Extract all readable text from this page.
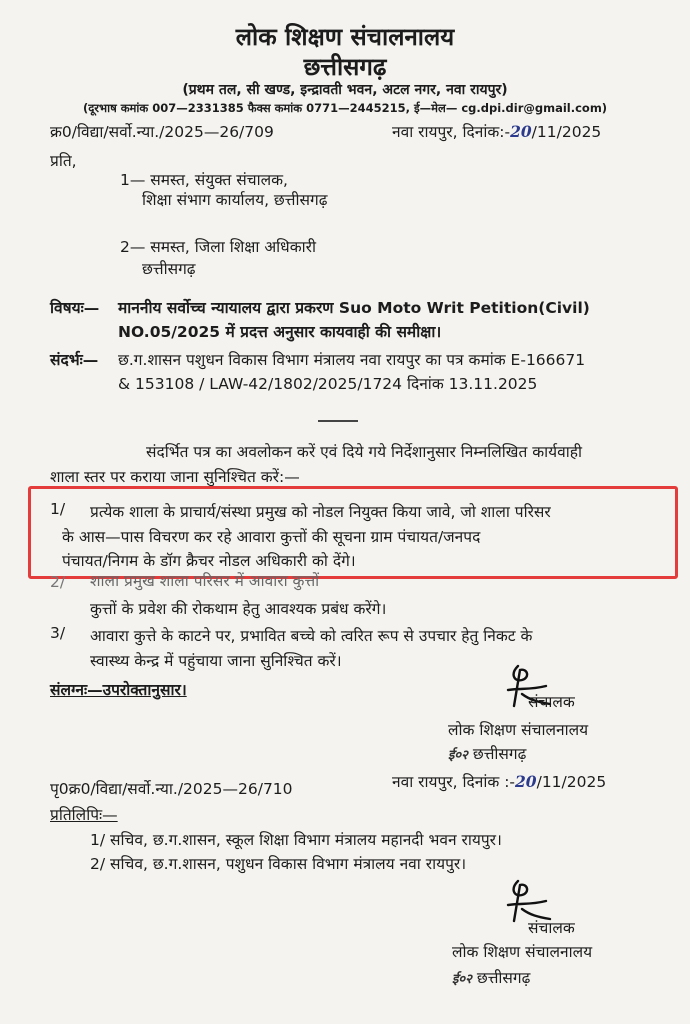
लोक शिक्षण संचालनालय
छत्तीसगढ़
(प्रथम तल, सी खण्ड, इन्द्रावती भवन, अटल नगर, नवा रायपुर)
(दूरभाष कमांक 007—2331385 फैक्स कमांक 0771—2445215, ई—मेल— cg.dpi.dir@gmail.com)
क्र0/विद्या/सर्वो.न्या./2025—26/709	नवा रायपुर, दिनांक:-20/11/2025
प्रति,
1— समस्त, संयुक्त संचालक,
शिक्षा संभाग कार्यालय, छत्तीसगढ़
2— समस्त, जिला शिक्षा अधिकारी
छत्तीसगढ़
विषयः— माननीय सर्वोच्च न्यायालय द्वारा प्रकरण Suo Moto Writ Petition(Civil)
NO.05/2025 में प्रदत्त अनुसार कायवाही की समीक्षा।
संदर्भः— छ.ग.शासन पशुधन विकास विभाग मंत्रालय नवा रायपुर का पत्र कमांक E-166671
& 153108 / LAW-42/1802/2025/1724 दिनांक 13.11.2025
संदर्भित पत्र का अवलोकन करें एवं दिये गये निर्देशानुसार निम्नलिखित कार्यवाही
शाला स्तर पर कराया जाना सुनिश्चित करें:—
1/ प्रत्येक शाला के प्राचार्य/संस्था प्रमुख को नोडल नियुक्त किया जावे, जो शाला परिसर
के आस—पास विचरण कर रहे आवारा कुत्तों की सूचना ग्राम पंचायत/जनपद
पंचायत/निगम के डॉग क्रैचर नोडल अधिकारी को देंगे।
2/ शाला प्रमुख शाला परिसर में आवारा कुत्तों
कुत्तों के प्रवेश की रोकथाम हेतु आवश्यक प्रबंध करेंगे।
3/ आवारा कुत्ते के काटने पर, प्रभावित बच्चे को त्वरित रूप से उपचार हेतु निकट के
स्वास्थ्य केन्द्र में पहुंचाया जाना सुनिश्चित करें।
संलग्नः—उपरोक्तानुसार।
संचालक
लोक शिक्षण संचालनालय
ई०२ छत्तीसगढ़
पृ0क्र0/विद्या/सर्वो.न्या./2025—26/710	नवा रायपुर, दिनांक :-20/11/2025
प्रतिलिपिः—
1/ सचिव, छ.ग.शासन, स्कूल शिक्षा विभाग मंत्रालय महानदी भवन रायपुर।
2/ सचिव, छ.ग.शासन, पशुधन विकास विभाग मंत्रालय नवा रायपुर।
संचालक
लोक शिक्षण संचालनालय
ई०२ छत्तीसगढ़
